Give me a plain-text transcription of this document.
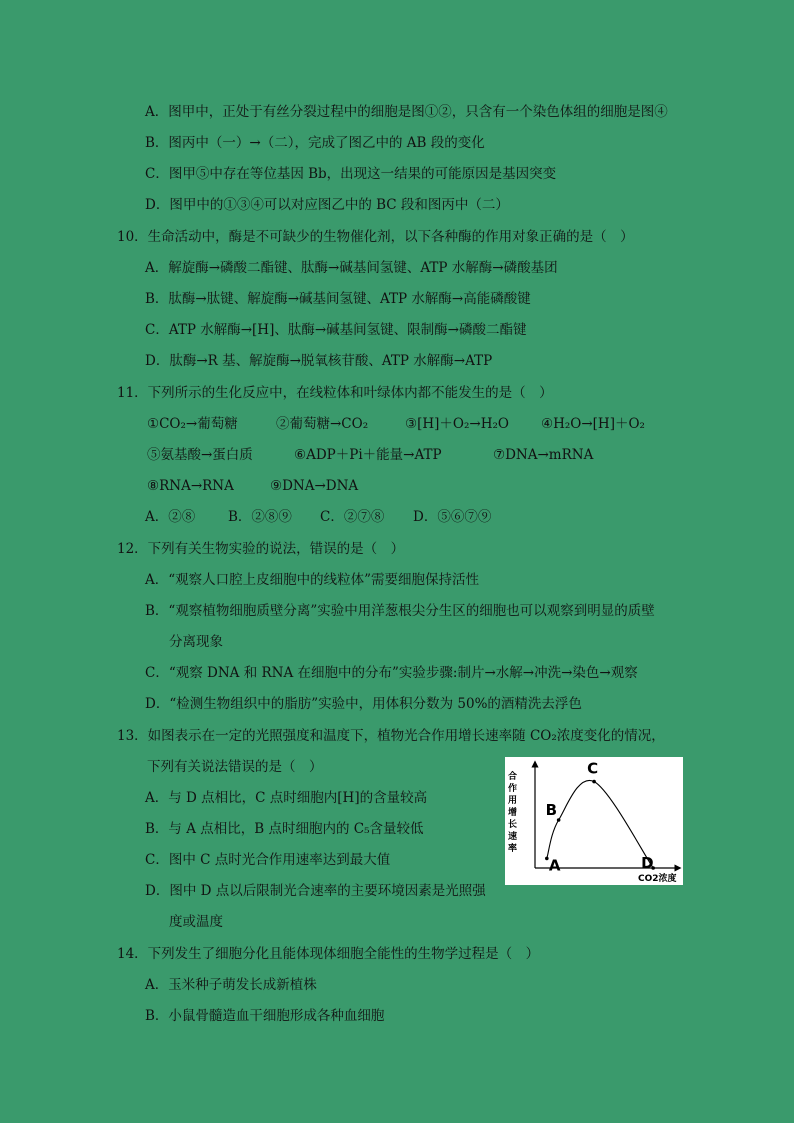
A．图甲中，正处于有丝分裂过程中的细胞是图①②，只含有一个染色体组的细胞是图④
B．图丙中（一）→（二），完成了图乙中的 AB 段的变化
C．图甲⑤中存在等位基因 Bb，出现这一结果的可能原因是基因突变
D．图甲中的①③④可以对应图乙中的 BC 段和图丙中（二）
10．生命活动中，酶是不可缺少的生物催化剂，以下各种酶的作用对象正确的是（　）
A．解旋酶→磷酸二酯键、肽酶→碱基间氢键、ATP 水解酶→磷酸基团
B．肽酶→肽键、解旋酶→碱基间氢键、ATP 水解酶→高能磷酸键
C．ATP 水解酶→[H]、肽酶→碱基间氢键、限制酶→磷酸二酯键
D．肽酶→R 基、解旋酶→脱氧核苷酸、ATP 水解酶→ATP
11．下列所示的生化反应中，在线粒体和叶绿体内都不能发生的是（　）
①CO₂→葡萄糖	②葡萄糖→CO₂	③[H]＋O₂→H₂O ④H₂O→[H]＋O₂
⑤氨基酸→蛋白质	⑥ADP＋Pi＋能量→ATP	⑦DNA→mRNA
⑧RNA→RNA	⑨DNA→DNA
A．②⑧ B．②⑧⑨ C．②⑦⑧ D．⑤⑥⑦⑨
12．下列有关生物实验的说法，错误的是（　）
A．“观察人口腔上皮细胞中的线粒体”需要细胞保持活性
B．“观察植物细胞质壁分离”实验中用洋葱根尖分生区的细胞也可以观察到明显的质壁
分离现象
C．“观察 DNA 和 RNA 在细胞中的分布”实验步骤:制片→水解→冲洗→染色→观察
D．“检测生物组织中的脂肪”实验中，用体积分数为 50%的酒精洗去浮色
13．如图表示在一定的光照强度和温度下，植物光合作用增长速率随 CO₂浓度变化的情况，
下列有关说法错误的是（　）
A．与 D 点相比，C 点时细胞内[H]的含量较高
B．与 A 点相比，B 点时细胞内的 C₅含量较低
C．图中 C 点时光合作用速率达到最大值
D．图中 D 点以后限制光合速率的主要环境因素是光照强
度或温度
合
作
用
增
长
速
率
CO2浓度
A
B
C
D
14．下列发生了细胞分化且能体现体细胞全能性的生物学过程是（　）
A．玉米种子萌发长成新植株
B．小鼠骨髓造血干细胞形成各种血细胞
